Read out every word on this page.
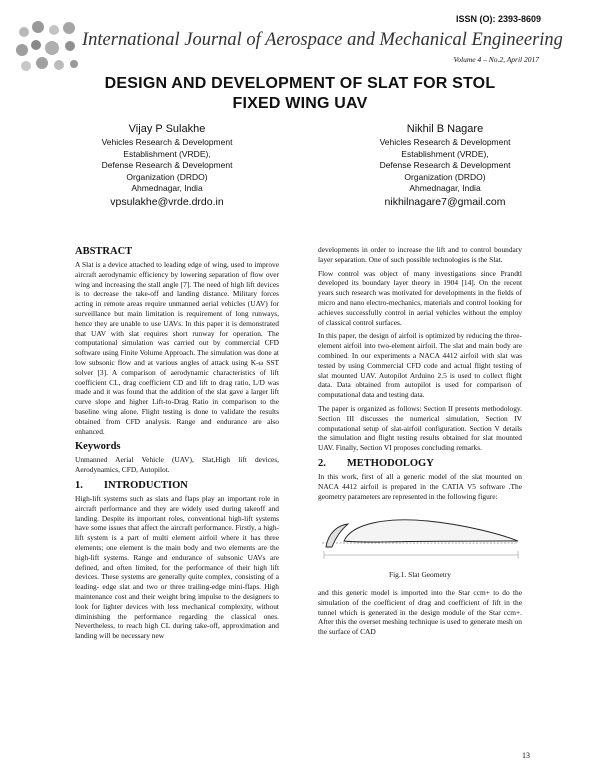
ISSN (O): 2393-8609
International Journal of Aerospace and Mechanical Engineering
Volume 4 – No.2, April 2017
DESIGN AND DEVELOPMENT OF SLAT FOR STOL
FIXED WING UAV
Vijay P Sulakhe
Vehicles Research & Development
Establishment (VRDE),
Defense Research & Development
Organization (DRDO)
Ahmednagar, India
vpsulakhe@vrde.drdo.in
Nikhil B Nagare
Vehicles Research & Development
Establishment (VRDE),
Defense Research & Development
Organization (DRDO)
Ahmednagar, India
nikhilnagare7@gmail.com
ABSTRACT

A Slat is a device attached to leading edge of wing, used to improve aircraft aerodynamic efficiency by lowering separation of flow over wing and increasing the stall angle [7]. The need of high lift devices is to decrease the take-off and landing distance. Military forces acting in remote areas require unmanned aerial vehicles (UAV) for surveillance but main limitation is requirement of long runways, hence they are unable to use UAVs. In this paper it is demonstrated that UAV with slat requires short runway for operation. The computational simulation was carried out by commercial CFD software using Finite Volume Approach. The simulation was done at low subsonic flow and at various angles of attack using K-ω SST solver [3]. A comparison of aerodynamic characteristics of lift coefficient CL, drag coefficient CD and lift to drag ratio, L/D was made and it was found that the addition of the slat gave a larger lift curve slope and higher Lift-to-Drag Ratio in comparison to the baseline wing alone. Flight testing is done to validate the results obtained from CFD analysis. Range and endurance are also enhanced.

Keywords

Unmanned Aerial Vehicle (UAV), Slat,High lift devices, Aerodynamics, CFD, Autopilot.

1.  INTRODUCTION

High-lift systems such as slats and flaps play an important role in aircraft performance and they are widely used during takeoff and landing. Despite its important roles, conventional high-lift systems have some issues that affect the aircraft performance. Firstly, a high-lift system is a part of multi element airfoil where it has three elements; one element is the main body and two elements are the high-lift systems. Range and endurance of subsonic UAVs are defined, and often limited, for the performance of their high lift devices. These systems are generally quite complex, consisting of a leading- edge slat and two or three trailing-edge mini-flaps. High maintenance cost and their weight bring impulse to the designers to look for lighter devices with less mechanical complexity, without diminishing the performance regarding the classical ones. Nevertheless, to reach high CL during take-off, approximation and landing will be necessary new

developments in order to increase the lift and to control boundary layer separation. One of such possible technologies is the Slat.

Flow control was object of many investigations since Prandtl developed its boundary layer theory in 1904 [14]. On the recent years such research was motivated for developments in the fields of micro and nano electro-mechanics, materials and control looking for achieves successfully control in aerial vehicles without the employ of classical control surfaces.

In this paper, the design of airfoil is optimized by reducing the three-element airfoil into two-element airfoil. The slat and main body are combined. In our experiments a NACA 4412 airfoil with slat was tested by using Commercial CFD code and actual flight testing of slat mounted UAV. Autopilot Arduino 2.5 is used to collect flight data. Data obtained from autopilot is used for comparison of computational data and testing data.

The paper is organized as follows: Section II presents methodology. Section III discusses the numerical simulation, Section IV computational setup of slat-airfoil configuration. Section V details the simulation and flight testing results obtained for slat mounted UAV. Finally, Section VI proposes concluding remarks.

2.  METHODOLOGY

In this work, first of all a generic model of the slat mounted on NACA 4412 airfoil is prepared in the CATIA V5 software .The geometry parameters are represented in the following figure:

Fig.1. Slat Geometry

and this generic model is imported into the Star ccm+ to do the simulation of the coefficient of drag and coefficient of lift in the tunnel which is generated in the design module of the Star ccm+. After this the overset meshing technique is used to generate mesh on the surface of CAD

13
